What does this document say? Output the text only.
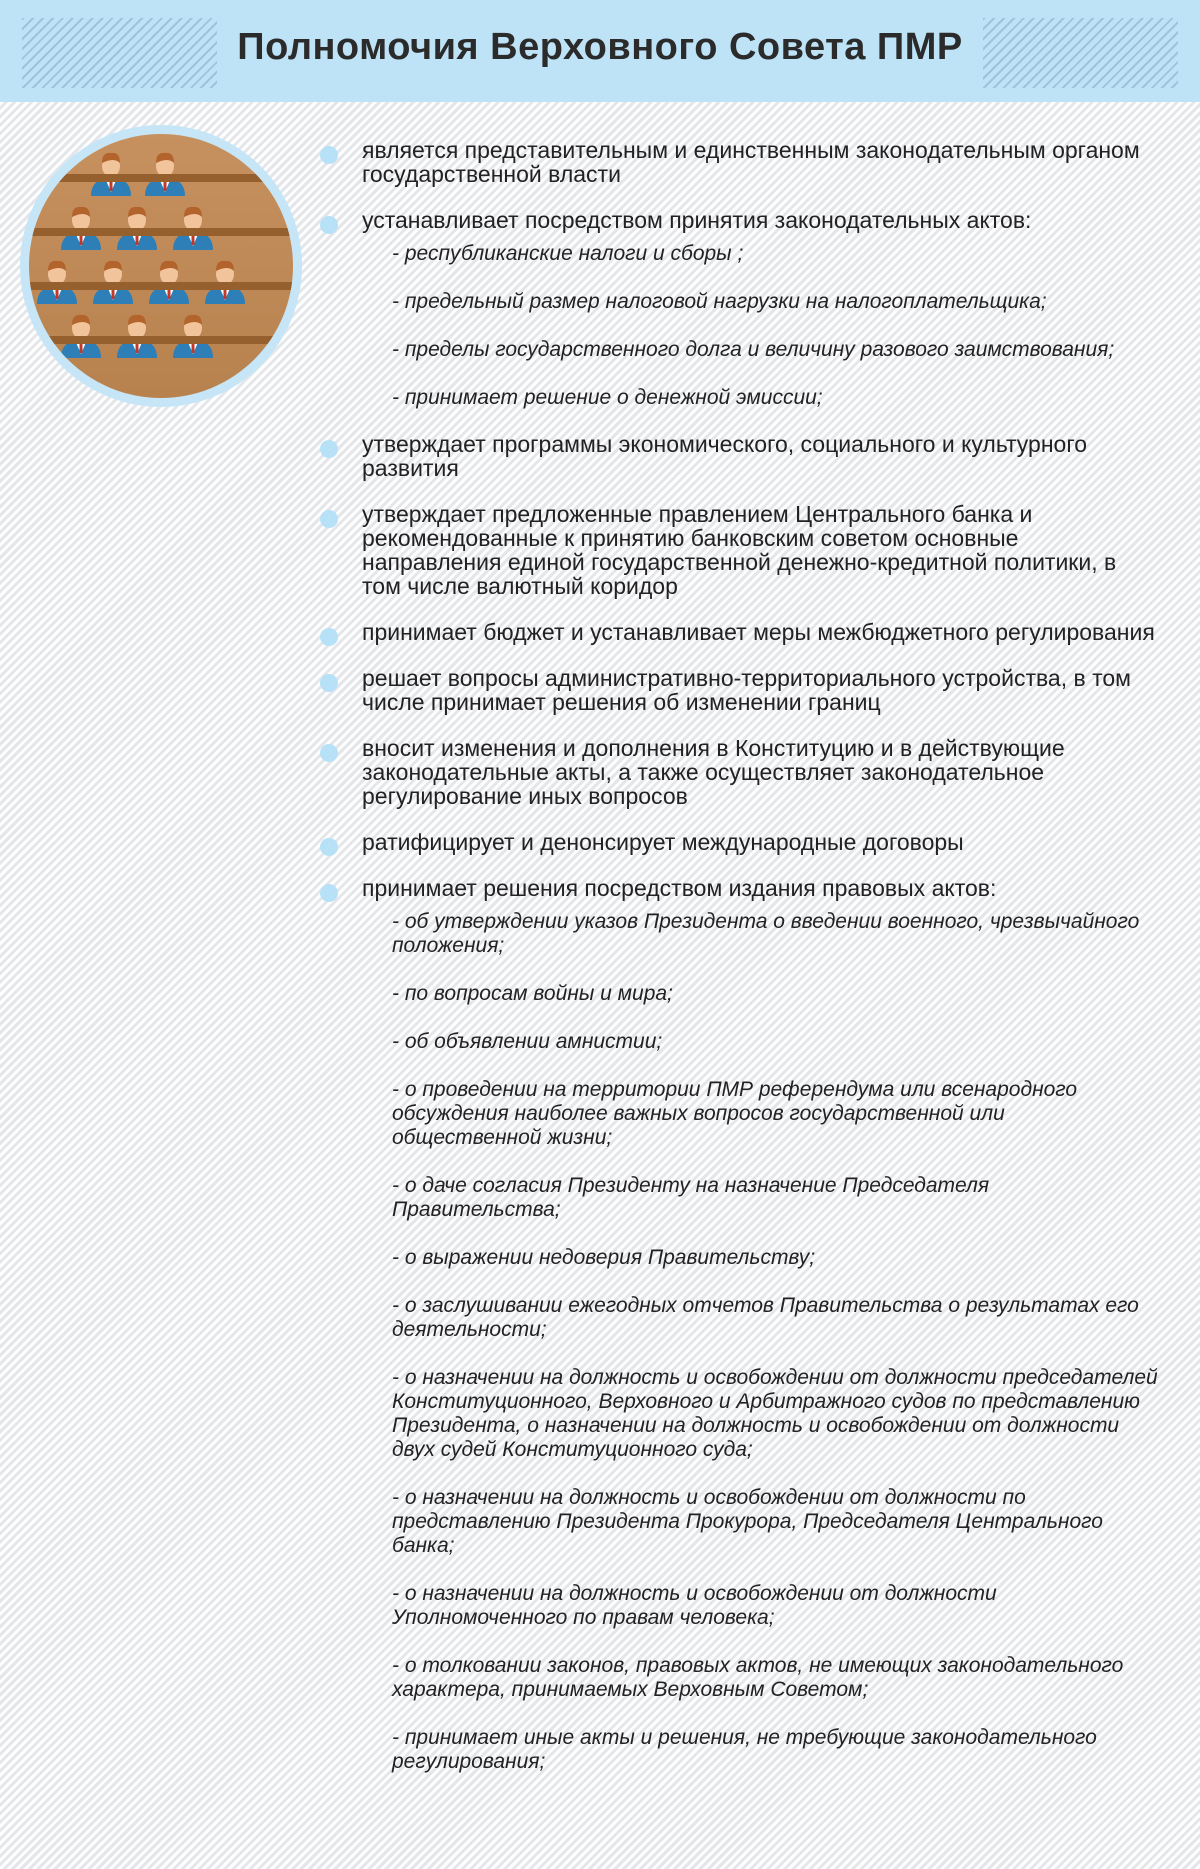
Полномочия Верховного Совета ПМР
является представительным и единственным законодательным органом государственной власти
устанавливает посредством принятия законодательных актов:
- республиканские налоги и сборы ;
- предельный размер налоговой нагрузки на налогоплательщика;
- пределы государственного долга и величину разового заимствования;
- принимает решение о денежной эмиссии;
утверждает программы экономического, социального и культурного развития
утверждает предложенные правлением Центрального банка и рекомендованные к принятию банковским советом основные направления единой государственной денежно-кредитной политики, в том числе валютный коридор
принимает бюджет и устанавливает меры межбюджетного регулирования
решает вопросы административно-территориального устройства, в том числе принимает решения об изменении границ
вносит изменения и дополнения в Конституцию и в действующие законодательные акты, а также осуществляет законодательное регулирование иных вопросов
ратифицирует и денонсирует международные договоры
принимает решения посредством издания правовых актов:
- об утверждении указов Президента о введении военного, чрезвычайного положения;
- по вопросам войны и мира;
- об объявлении амнистии;
- о проведении на территории ПМР референдума или всенародного обсуждения наиболее важных вопросов государственной или общественной жизни;
- о даче согласия Президенту на назначение Председателя Правительства;
- о выражении недоверия Правительству;
- о заслушивании ежегодных отчетов Правительства о результатах его деятельности;
- о назначении на должность и освобождении от должности председателей Конституционного, Верховного и Арбитражного судов по представлению Президента, о назначении на должность и освобождении от должности двух судей Конституционного суда;
- о назначении на должность и освобождении от должности по представлению Президента Прокурора, Председателя Центрального банка;
- о назначении на должность и освобождении от должности Уполномоченного по правам человека;
- о толковании законов, правовых актов, не имеющих законодательного характера, принимаемых Верховным Советом;
- принимает иные акты и решения, не требующие законодательного регулирования;
